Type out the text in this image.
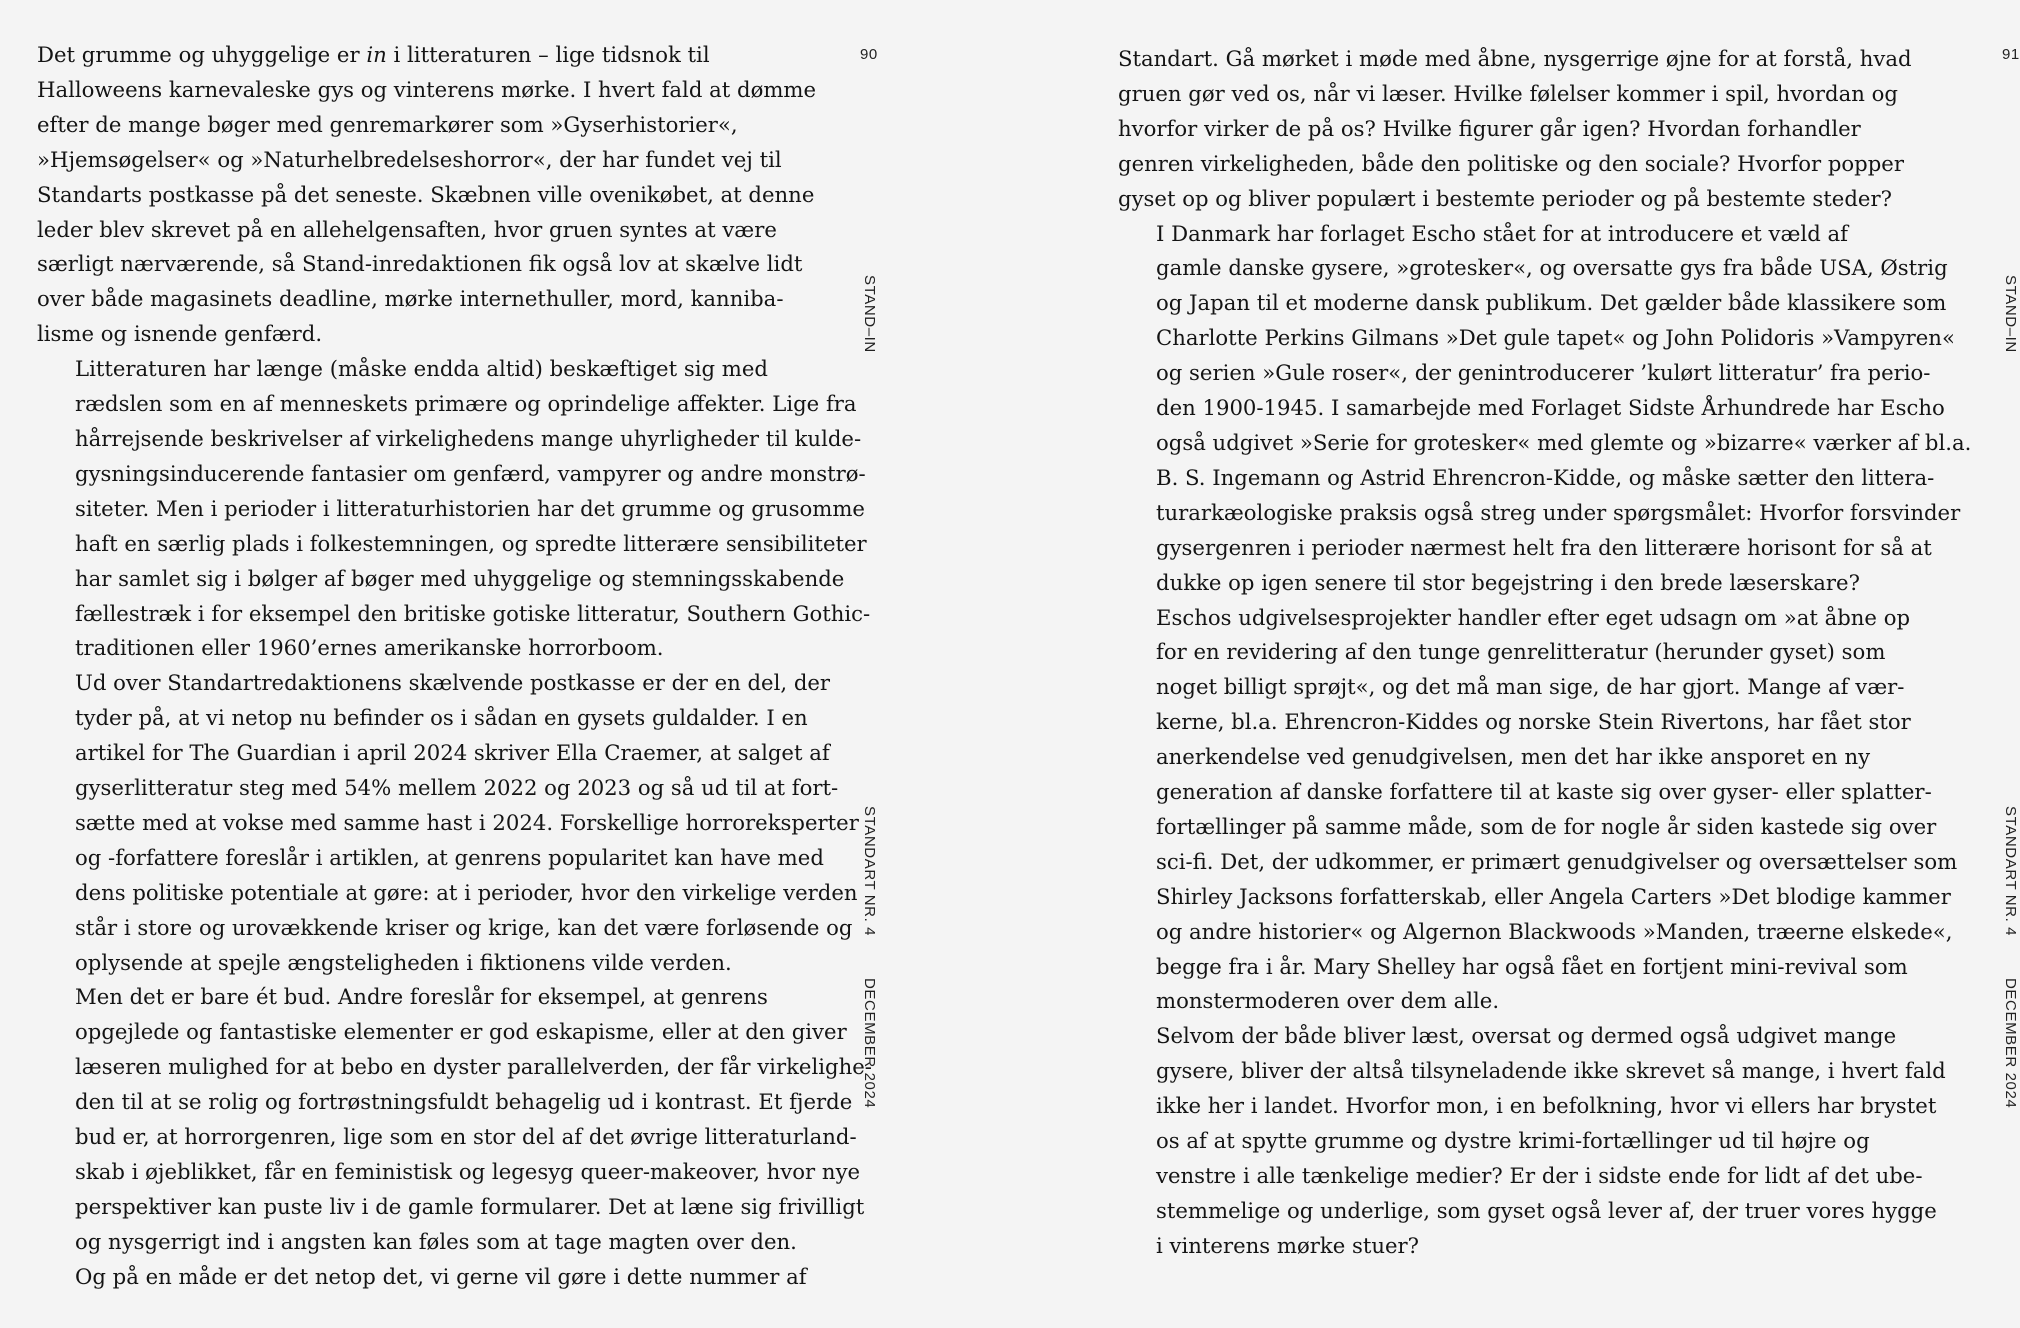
Det grumme og uhyggelige er in i litteraturen – lige tidsnok til
Halloweens karnevaleske gys og vinterens mørke. I hvert fald at dømme
efter de mange bøger med genremarkører som »Gyserhistorier«,
»Hjemsøgelser« og »Naturhelbredelseshorror«, der har fundet vej til
Standarts postkasse på det seneste. Skæbnen ville ovenikøbet, at denne
leder blev skrevet på en allehelgensaften, hvor gruen syntes at være
særligt nærværende, så Stand-inredaktionen fik også lov at skælve lidt
over både magasinets deadline, mørke internethuller, mord, kanniba-
lisme og isnende genfærd.

Litteraturen har længe (måske endda altid) beskæftiget sig med
rædslen som en af menneskets primære og oprindelige affekter. Lige fra
hårrejsende beskrivelser af virkelighedens mange uhyrligheder til kulde-
gysningsinducerende fantasier om genfærd, vampyrer og andre monstrø-
siteter. Men i perioder i litteraturhistorien har det grumme og grusomme
haft en særlig plads i folkestemningen, og spredte litterære sensibiliteter
har samlet sig i bølger af bøger med uhyggelige og stemningsskabende
fællestræk i for eksempel den britiske gotiske litteratur, Southern Gothic-
traditionen eller 1960’ernes amerikanske horrorboom.

Ud over Standartredaktionens skælvende postkasse er der en del, der
tyder på, at vi netop nu befinder os i sådan en gysets guldalder. I en
artikel for The Guardian i april 2024 skriver Ella Craemer, at salget af
gyserlitteratur steg med 54% mellem 2022 og 2023 og så ud til at fort-
sætte med at vokse med samme hast i 2024. Forskellige horroreksperter
og -forfattere foreslår i artiklen, at genrens popularitet kan have med
dens politiske potentiale at gøre: at i perioder, hvor den virkelige verden
står i store og urovækkende kriser og krige, kan det være forløsende og
oplysende at spejle ængsteligheden i fiktionens vilde verden.

Men det er bare ét bud. Andre foreslår for eksempel, at genrens
opgejlede og fantastiske elementer er god eskapisme, eller at den giver
læseren mulighed for at bebo en dyster parallelverden, der får virkelighe-
den til at se rolig og fortrøstningsfuldt behagelig ud i kontrast. Et fjerde
bud er, at horrorgenren, lige som en stor del af det øvrige litteraturland-
skab i øjeblikket, får en feministisk og legesyg queer-makeover, hvor nye
perspektiver kan puste liv i de gamle formularer. Det at læne sig frivilligt
og nysgerrigt ind i angsten kan føles som at tage magten over den.

Og på en måde er det netop det, vi gerne vil gøre i dette nummer af

90
STAND–IN
STANDART NR. 4
DECEMBER 2024

Standart. Gå mørket i møde med åbne, nysgerrige øjne for at forstå, hvad
gruen gør ved os, når vi læser. Hvilke følelser kommer i spil, hvordan og
hvorfor virker de på os? Hvilke figurer går igen? Hvordan forhandler
genren virkeligheden, både den politiske og den sociale? Hvorfor popper
gyset op og bliver populært i bestemte perioder og på bestemte steder?

I Danmark har forlaget Escho stået for at introducere et væld af
gamle danske gysere, »grotesker«, og oversatte gys fra både USA, Østrig
og Japan til et moderne dansk publikum. Det gælder både klassikere som
Charlotte Perkins Gilmans »Det gule tapet« og John Polidoris »Vampyren«
og serien »Gule roser«, der genintroducerer ’kulørt litteratur’ fra perio-
den 1900-1945. I samarbejde med Forlaget Sidste Århundrede har Escho
også udgivet »Serie for grotesker« med glemte og »bizarre« værker af bl.a.
B. S. Ingemann og Astrid Ehrencron-Kidde, og måske sætter den littera-
turarkæologiske praksis også streg under spørgsmålet: Hvorfor forsvinder
gysergenren i perioder nærmest helt fra den litterære horisont for så at
dukke op igen senere til stor begejstring i den brede læserskare?

Eschos udgivelsesprojekter handler efter eget udsagn om »at åbne op
for en revidering af den tunge genrelitteratur (herunder gyset) som
noget billigt sprøjt«, og det må man sige, de har gjort. Mange af vær-
kerne, bl.a. Ehrencron-Kiddes og norske Stein Rivertons, har fået stor
anerkendelse ved genudgivelsen, men det har ikke ansporet en ny
generation af danske forfattere til at kaste sig over gyser- eller splatter-
fortællinger på samme måde, som de for nogle år siden kastede sig over
sci-fi. Det, der udkommer, er primært genudgivelser og oversættelser som
Shirley Jacksons forfatterskab, eller Angela Carters »Det blodige kammer
og andre historier« og Algernon Blackwoods »Manden, træerne elskede«,
begge fra i år. Mary Shelley har også fået en fortjent mini-revival som
monstermoderen over dem alle.

Selvom der både bliver læst, oversat og dermed også udgivet mange
gysere, bliver der altså tilsyneladende ikke skrevet så mange, i hvert fald
ikke her i landet. Hvorfor mon, i en befolkning, hvor vi ellers har brystet
os af at spytte grumme og dystre krimi-fortællinger ud til højre og
venstre i alle tænkelige medier? Er der i sidste ende for lidt af det ube-
stemmelige og underlige, som gyset også lever af, der truer vores hygge
i vinterens mørke stuer?

91
STAND–IN
STANDART NR. 4
DECEMBER 2024
